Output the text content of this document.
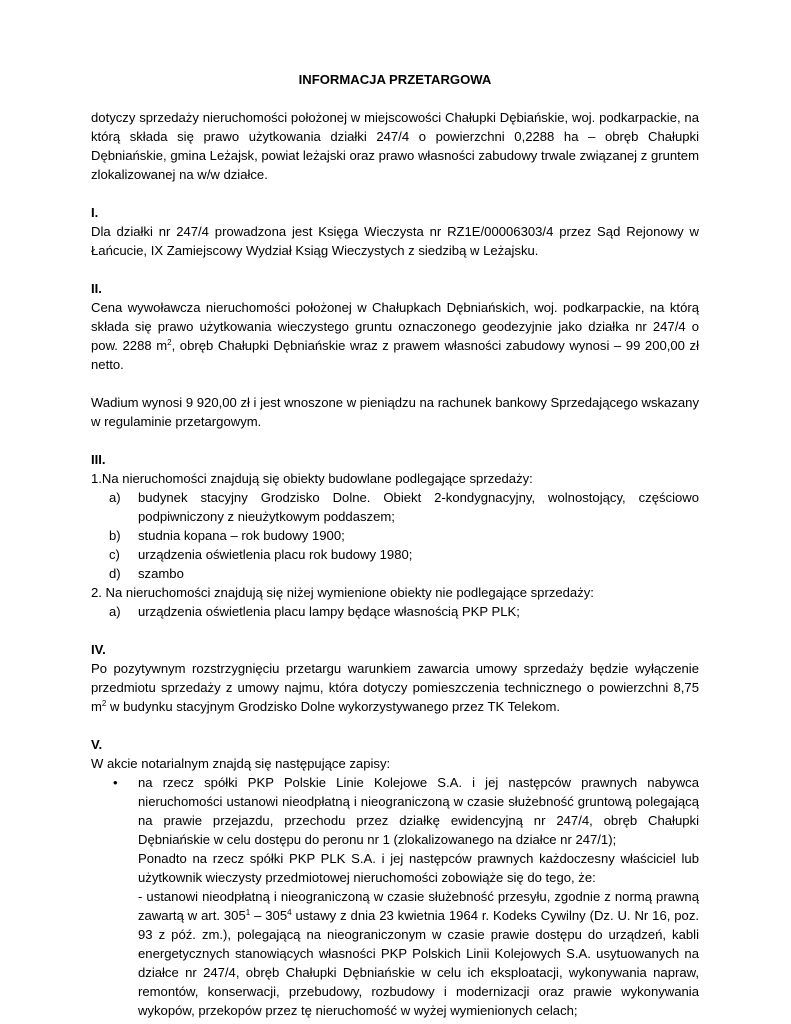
INFORMACJA PRZETARGOWA

dotyczy sprzedaży nieruchomości położonej w miejscowości Chałupki Dębiańskie, woj. podkarpackie, na którą składa się prawo użytkowania działki 247/4 o powierzchni 0,2288 ha – obręb Chałupki Dębniańskie, gmina Leżajsk, powiat leżajski oraz prawo własności zabudowy trwale związanej z gruntem zlokalizowanej na w/w działce.

I.

Dla działki nr 247/4 prowadzona jest Księga Wieczysta nr RZ1E/00006303/4 przez Sąd Rejonowy w Łańcucie, IX Zamiejscowy Wydział Ksiąg Wieczystych z siedzibą w Leżajsku.

II.

Cena wywoławcza nieruchomości położonej w Chałupkach Dębniańskich, woj. podkarpackie, na którą składa się prawo użytkowania wieczystego gruntu oznaczonego geodezyjnie jako działka nr 247/4 o pow. 2288 $m^2$, obręb Chałupki Dębniańskie wraz z prawem własności zabudowy wynosi – 99 200,00 zł netto.

Wadium wynosi 9 920,00 zł i jest wnoszone w pieniądzu na rachunek bankowy Sprzedającego wskazany w regulaminie przetargowym.

III.

1.Na nieruchomości znajdują się obiekty budowlane podlegające sprzedaży:

a) budynek stacyjny Grodzisko Dolne. Obiekt 2-kondygnacyjny, wolnostojący, częściowo podpiwniczony z nieużytkowym poddaszem;
b) studnia kopana – rok budowy 1900;
c) urządzenia oświetlenia placu rok budowy 1980;
d) szambo

2. Na nieruchomości znajdują się niżej wymienione obiekty nie podlegające sprzedaży:

a) urządzenia oświetlenia placu lampy będące własnością PKP PLK;
IV.

Po pozytywnym rozstrzygnięciu przetargu warunkiem zawarcia umowy sprzedaży będzie wyłączenie przedmiotu sprzedaży z umowy najmu, która dotyczy pomieszczenia technicznego o powierzchni 8,75 $m^2$ w budynku stacyjnym Grodzisko Dolne wykorzystywanego przez TK Telekom.

V.

W akcie notarialnym znajdą się następujące zapisy:

• na rzecz spółki PKP Polskie Linie Kolejowe S.A. i jej następców prawnych nabywca nieruchomości ustanowi nieodpłatną i nieograniczoną w czasie służebność gruntową polegającą na prawie przejazdu, przechodu przez działkę ewidencyjną nr 247/4, obręb Chałupki Dębniańskie w celu dostępu do peronu nr 1 (zlokalizowanego na działce nr 247/1);

Ponadto na rzecz spółki PKP PLK S.A. i jej następców prawnych każdoczesny właściciel lub użytkownik wieczysty przedmiotowej nieruchomości zobowiąże się do tego, że:

- ustanowi nieodpłatną i nieograniczoną w czasie służebność przesyłu, zgodnie z normą prawną zawartą w art. $305^1 - 305^4$ ustawy z dnia 23 kwietnia 1964 r. Kodeks Cywilny (Dz. U. Nr 16, poz. 93 z póź. zm.), polegającą na nieograniczonym w czasie prawie dostępu do urządzeń, kabli energetycznych stanowiących własności PKP Polskich Linii Kolejowych S.A. usytuowanych na działce nr 247/4, obręb Chałupki Dębniańskie w celu ich eksploatacji, wykonywania napraw, remontów, konserwacji, przebudowy, rozbudowy i modernizacji oraz prawie wykonywania wykopów, przekopów przez tę nieruchomość w wyżej wymienionych celach;
